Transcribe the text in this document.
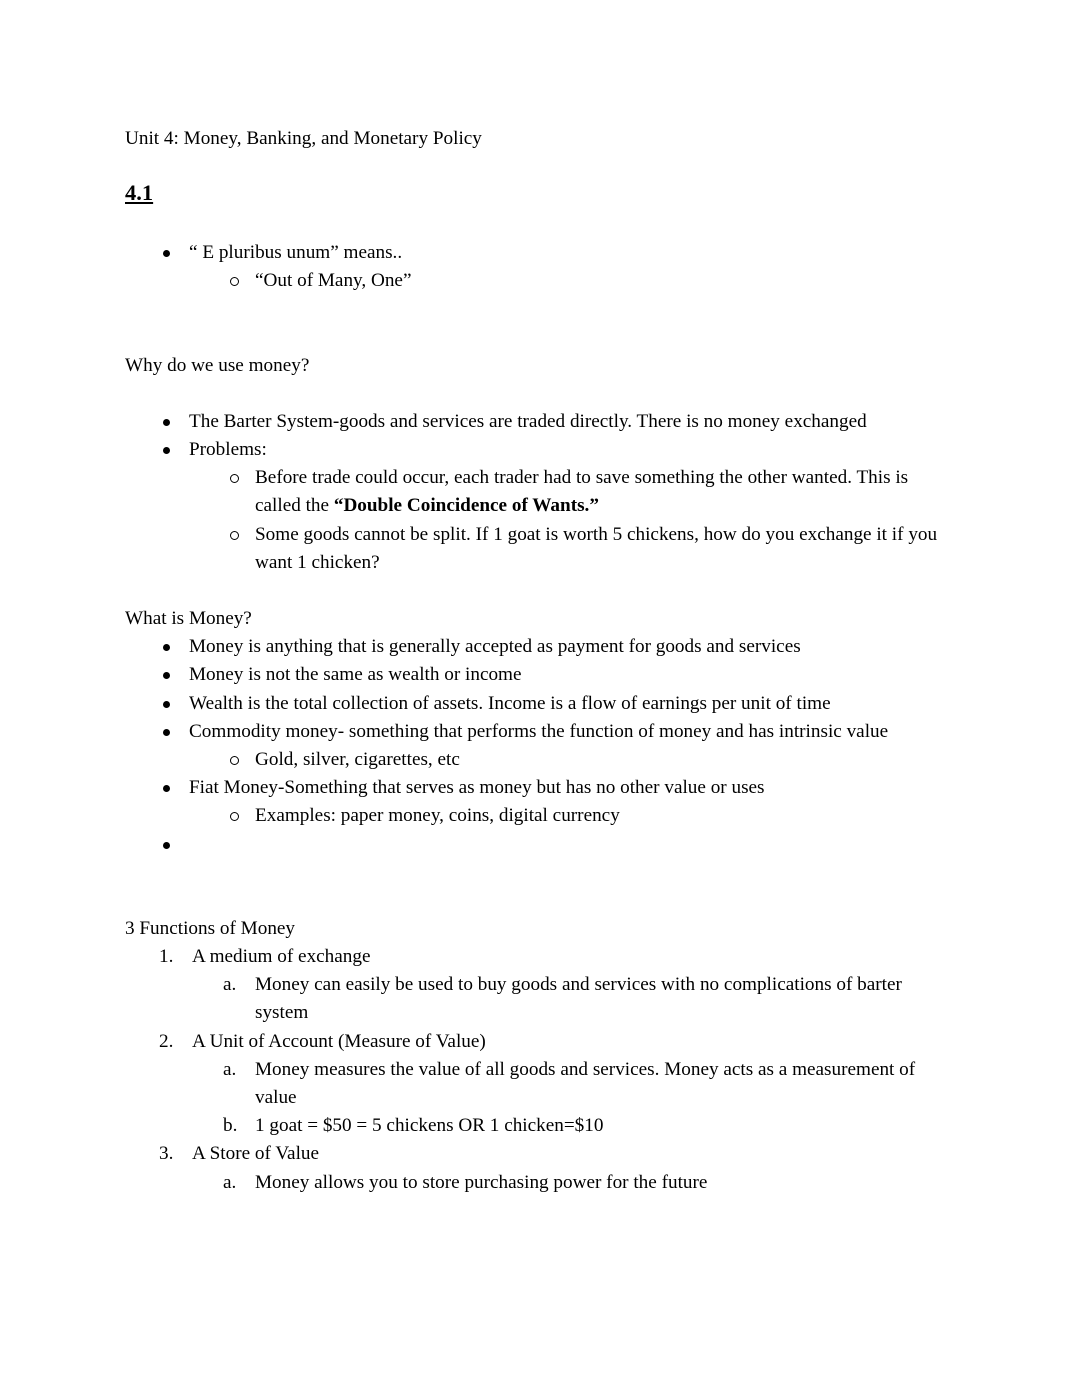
Unit 4: Money, Banking, and Monetary Policy

4.1
“ E pluribus unum” means..
“Out of Many, One”

Why do we use money?

The Barter System-goods and services are traded directly. There is no money exchanged
Problems:
Before trade could occur, each trader had to save something the other wanted. This is called the “Double Coincidence of Wants.”
Some goods cannot be split. If 1 goat is worth 5 chickens, how do you exchange it if you want 1 chicken?

What is Money?

Money is anything that is generally accepted as payment for goods and services
Money is not the same as wealth or income
Wealth is the total collection of assets. Income is a flow of earnings per unit of time
Commodity money- something that performs the function of money and has intrinsic value
Gold, silver, cigarettes, etc
Fiat Money-Something that serves as money but has no other value or uses
Examples: paper money, coins, digital currency

3 Functions of Money

1. A medium of exchange
a. Money can easily be used to buy goods and services with no complications of barter system
2. A Unit of Account (Measure of Value)
a. Money measures the value of all goods and services. Money acts as a measurement of value
b. 1 goat = $50 = 5 chickens OR 1 chicken=$10
3. A Store of Value
a. Money allows you to store purchasing power for the future
